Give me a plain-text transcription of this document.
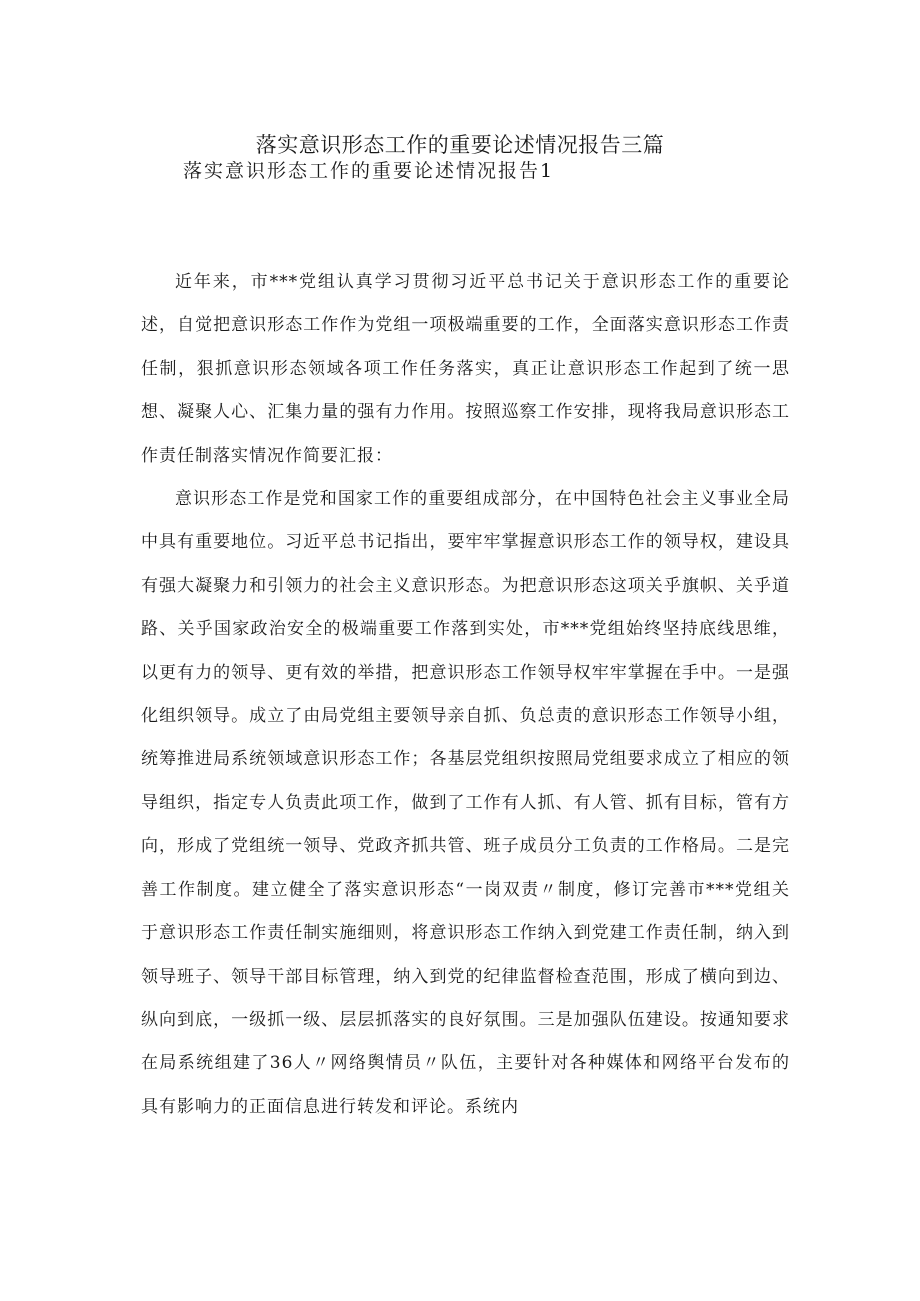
落实意识形态工作的重要论述情况报告三篇
落实意识形态工作的重要论述情况报告1

近年来，市***党组认真学习贯彻习近平总书记关于意识形态工作的重要论述，自觉把意识形态工作作为党组一项极端重要的工作，全面落实意识形态工作责任制，狠抓意识形态领域各项工作任务落实，真正让意识形态工作起到了统一思想、凝聚人心、汇集力量的强有力作用。按照巡察工作安排，现将我局意识形态工作责任制落实情况作简要汇报：

意识形态工作是党和国家工作的重要组成部分，在中国特色社会主义事业全局中具有重要地位。习近平总书记指出，要牢牢掌握意识形态工作的领导权，建设具有强大凝聚力和引领力的社会主义意识形态。为把意识形态这项关乎旗帜、关乎道路、关乎国家政治安全的极端重要工作落到实处，市***党组始终坚持底线思维，以更有力的领导、更有效的举措，把意识形态工作领导权牢牢掌握在手中。一是强化组织领导。成立了由局党组主要领导亲自抓、负总责的意识形态工作领导小组，统筹推进局系统领域意识形态工作；各基层党组织按照局党组要求成立了相应的领导组织，指定专人负责此项工作，做到了工作有人抓、有人管、抓有目标，管有方向，形成了党组统一领导、党政齐抓共管、班子成员分工负责的工作格局。二是完善工作制度。建立健全了落实意识形态“一岗双责〃制度，修订完善市***党组关于意识形态工作责任制实施细则，将意识形态工作纳入到党建工作责任制，纳入到领导班子、领导干部目标管理，纳入到党的纪律监督检查范围，形成了横向到边、纵向到底，一级抓一级、层层抓落实的良好氛围。三是加强队伍建设。按通知要求在局系统组建了36人〃网络舆情员〃队伍，主要针对各种媒体和网络平台发布的具有影响力的正面信息进行转发和评论。系统内
